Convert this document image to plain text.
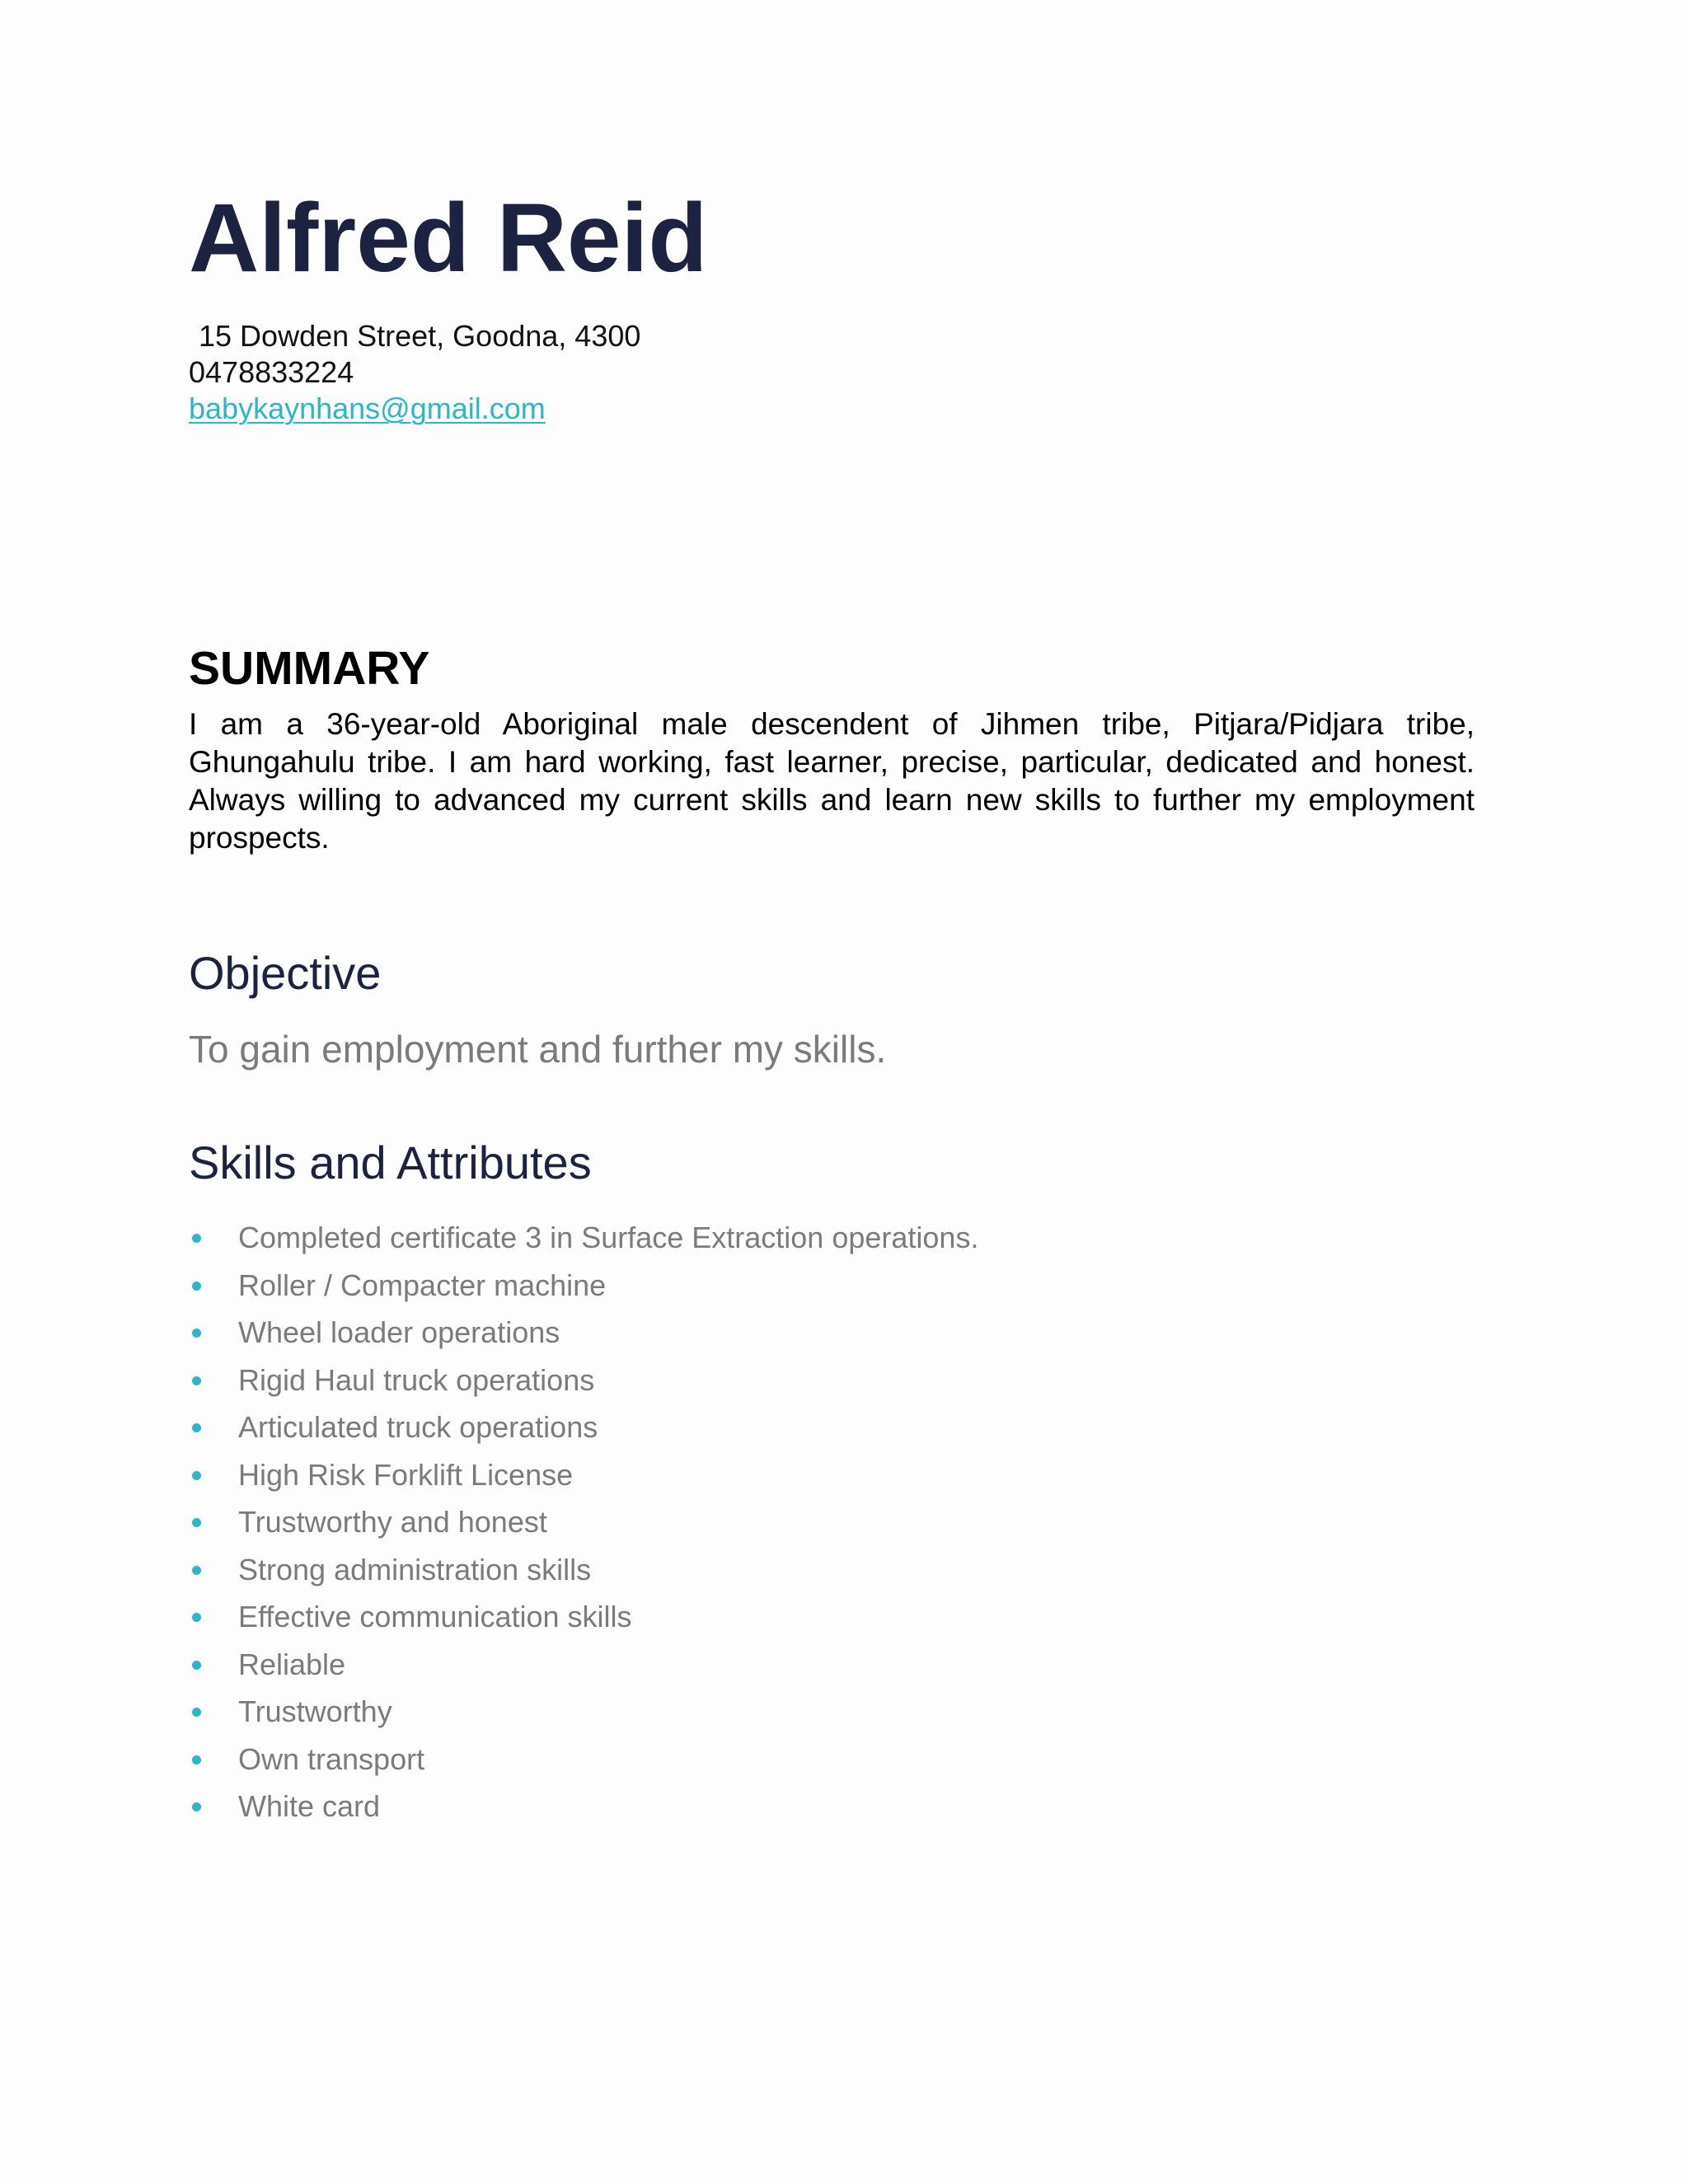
Alfred Reid
15 Dowden Street, Goodna, 4300
0478833224
babykaynhans@gmail.com
SUMMARY

I am a 36-year-old Aboriginal male descendent of Jihmen tribe, Pitjara/Pidjara tribe, Ghungahulu tribe. I am hard working, fast learner, precise, particular, dedicated and honest. Always willing to advanced my current skills and learn new skills to further my employment prospects.

Objective

To gain employment and further my skills.

Skills and Attributes
Completed certificate 3 in Surface Extraction operations.
Roller / Compacter machine
Wheel loader operations
Rigid Haul truck operations
Articulated truck operations
High Risk Forklift License
Trustworthy and honest
Strong administration skills
Effective communication skills
Reliable
Trustworthy
Own transport
White card
